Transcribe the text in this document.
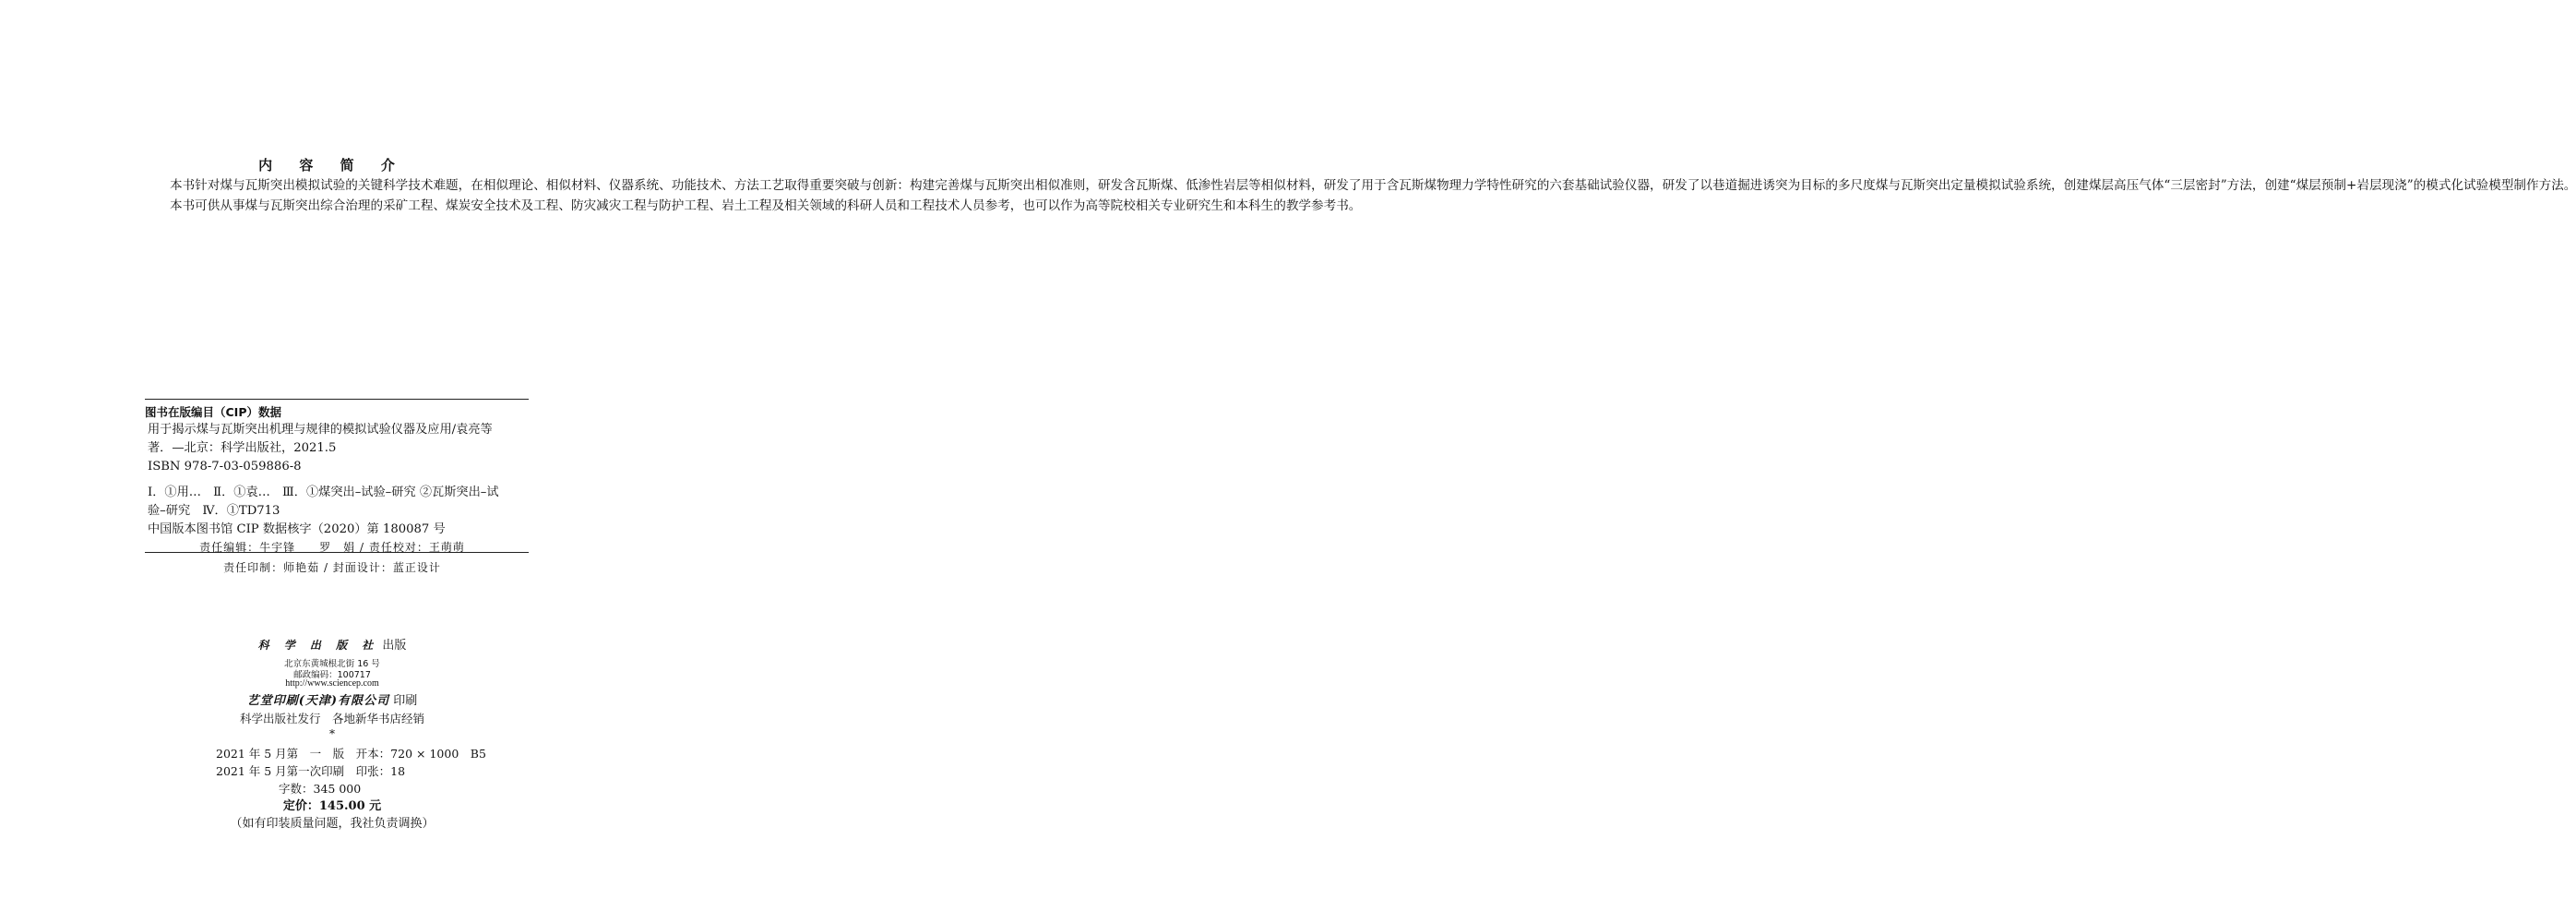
内 容 简 介

本书针对煤与瓦斯突出模拟试验的关键科学技术难题，在相似理论、相似材料、仪器系统、功能技术、方法工艺取得重要突破与创新：构建完善煤与瓦斯突出相似准则，研发含瓦斯煤、低渗性岩层等相似材料，研发了用于含瓦斯煤物理力学特性研究的六套基础试验仪器，研发了以巷道掘进诱突为目标的多尺度煤与瓦斯突出定量模拟试验系统，创建煤层高压气体“三层密封”方法，创建“煤层预制+岩层现浇”的模式化试验模型制作方法。

本书可供从事煤与瓦斯突出综合治理的采矿工程、煤炭安全技术及工程、防灾减灾工程与防护工程、岩土工程及相关领域的科研人员和工程技术人员参考，也可以作为高等院校相关专业研究生和本科生的教学参考书。

图书在版编目（CIP）数据
用于揭示煤与瓦斯突出机理与规律的模拟试验仪器及应用/袁亮等
著．—北京：科学出版社，2021.5
ISBN 978-7-03-059886-8
Ⅰ．①用…　Ⅱ．①袁…　Ⅲ．①煤突出–试验–研究 ②瓦斯突出–试
验–研究　Ⅳ．①TD713
中国版本图书馆 CIP 数据核字（2020）第 180087 号
责任编辑：牛宇锋　　罗　娟 / 责任校对：王萌萌
责任印制：师艳茹 / 封面设计：蓝正设计
科 学 出 版 社 出版
北京东黄城根北街 16 号
邮政编码：100717
http://www.sciencep.com
艺堂印刷(天津)有限公司 印刷
科学出版社发行　各地新华书店经销
*
2021 年 5 月第　一　版　开本：720 × 1000　B5
2021 年 5 月第一次印刷　印张：18
字数：345 000
定价：145.00 元
（如有印装质量问题，我社负责调换）
